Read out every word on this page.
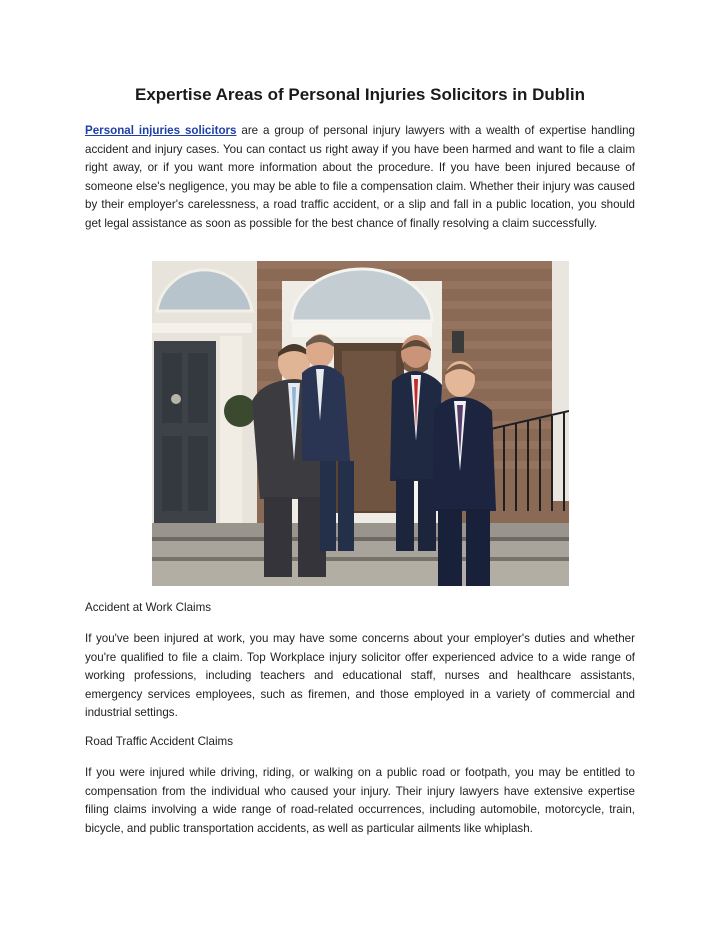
Expertise Areas of Personal Injuries Solicitors in Dublin

Personal injuries solicitors are a group of personal injury lawyers with a wealth of expertise handling accident and injury cases. You can contact us right away if you have been harmed and want to file a claim right away, or if you want more information about the procedure. If you have been injured because of someone else's negligence, you may be able to file a compensation claim. Whether their injury was caused by their employer's carelessness, a road traffic accident, or a slip and fall in a public location, you should get legal assistance as soon as possible for the best chance of finally resolving a claim successfully.

Accident at Work Claims

If you've been injured at work, you may have some concerns about your employer's duties and whether you're qualified to file a claim. Top Workplace injury solicitor offer experienced advice to a wide range of working professions, including teachers and educational staff, nurses and healthcare assistants, emergency services employees, such as firemen, and those employed in a variety of commercial and industrial settings.

Road Traffic Accident Claims

If you were injured while driving, riding, or walking on a public road or footpath, you may be entitled to compensation from the individual who caused your injury. Their injury lawyers have extensive expertise filing claims involving a wide range of road-related occurrences, including automobile, motorcycle, train, bicycle, and public transportation accidents, as well as particular ailments like whiplash.
